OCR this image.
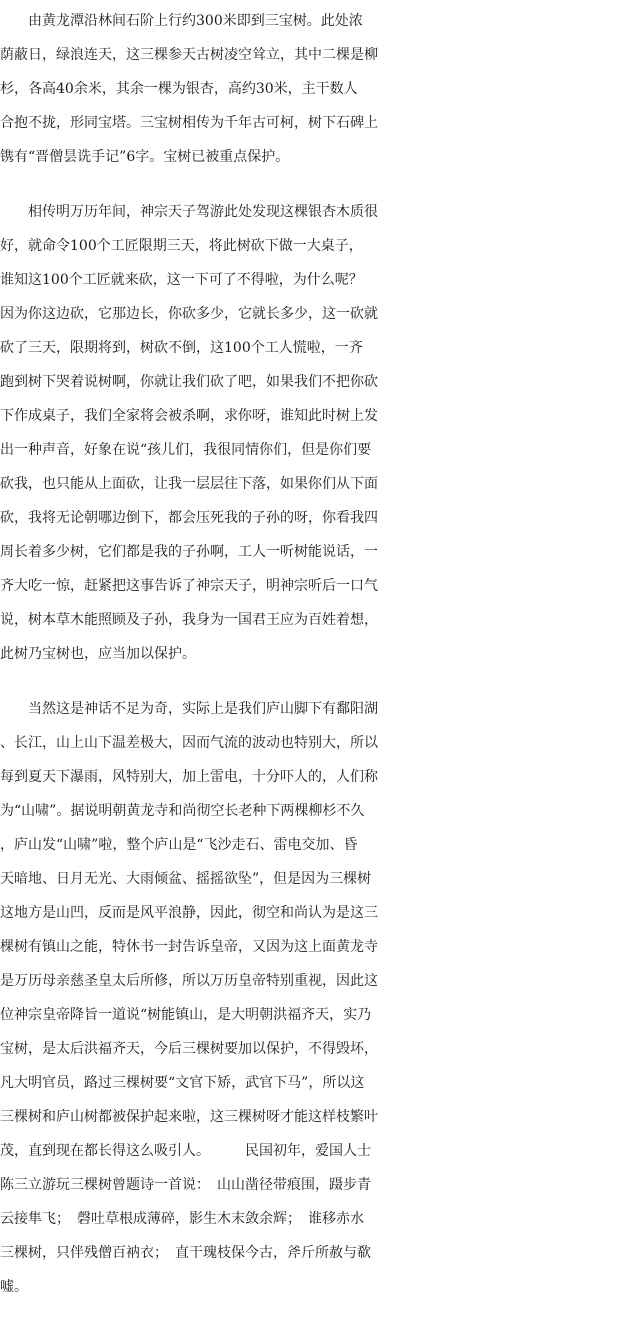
　　由黄龙潭沿林间石阶上行约300米即到三宝树。此处浓
荫蔽日，绿浪连天，这三棵参天古树凌空耸立，其中二棵是柳
杉，各高40余米，其余一棵为银杏，高约30米，主干数人
合抱不拢，形同宝塔。三宝树相传为千年古可柯，树下石碑上
镌有“晋僧昙诜手记”6字。宝树已被重点保护。
　　相传明万历年间，神宗天子驾游此处发现这棵银杏木质很
好，就命令100个工匠限期三天，将此树砍下做一大桌子，
谁知这100个工匠就来砍，这一下可了不得啦，为什么呢？
因为你这边砍，它那边长，你砍多少，它就长多少，这一砍就
砍了三天，限期将到，树砍不倒，这100个工人慌啦，一齐
跑到树下哭着说树啊，你就让我们砍了吧，如果我们不把你砍
下作成桌子，我们全家将会被杀啊，求你呀，谁知此时树上发
出一种声音，好象在说“孩儿们，我很同情你们，但是你们要
砍我，也只能从上面砍，让我一层层往下落，如果你们从下面
砍，我将无论朝哪边倒下，都会压死我的子孙的呀，你看我四
周长着多少树，它们都是我的子孙啊，工人一听树能说话，一
齐大吃一惊，赶紧把这事告诉了神宗天子，明神宗听后一口气
说，树本草木能照顾及子孙，我身为一国君王应为百姓着想，
此树乃宝树也，应当加以保护。
　　当然这是神话不足为奇，实际上是我们庐山脚下有鄱阳湖
、长江，山上山下温差极大，因而气流的波动也特别大，所以
每到夏天下瀑雨，风特别大，加上雷电，十分吓人的，人们称
为“山啸”。据说明朝黄龙寺和尚彻空长老种下两棵柳杉不久
，庐山发“山啸”啦，整个庐山是“飞沙走石、雷电交加、昏
天暗地、日月无光、大雨倾盆、摇摇欲坠”，但是因为三棵树
这地方是山凹，反而是风平浪静，因此，彻空和尚认为是这三
棵树有镇山之能，特休书一封告诉皇帝，又因为这上面黄龙寺
是万历母亲慈圣皇太后所修，所以万历皇帝特别重视，因此这
位神宗皇帝降旨一道说“树能镇山，是大明朝洪福齐天，实乃
宝树，是太后洪福齐天，今后三棵树要加以保护，不得毁坏，
凡大明官员，路过三棵树要“文官下矫，武官下马”，所以这
三棵树和庐山树都被保护起来啦，这三棵树呀才能这样枝繁叶
茂，直到现在都长得这么吸引人。　　　民国初年，爱国人士
陈三立游玩三棵树曾题诗一首说：　山山凿径带痕围，蹑步青
云接隼飞；　磬吐草根成薄碎，影生木末敛余辉；　谁移赤水
三棵树，只伴残僧百衲衣；　直干瑰枝保今古，斧斤所赦与欷
嘘。
